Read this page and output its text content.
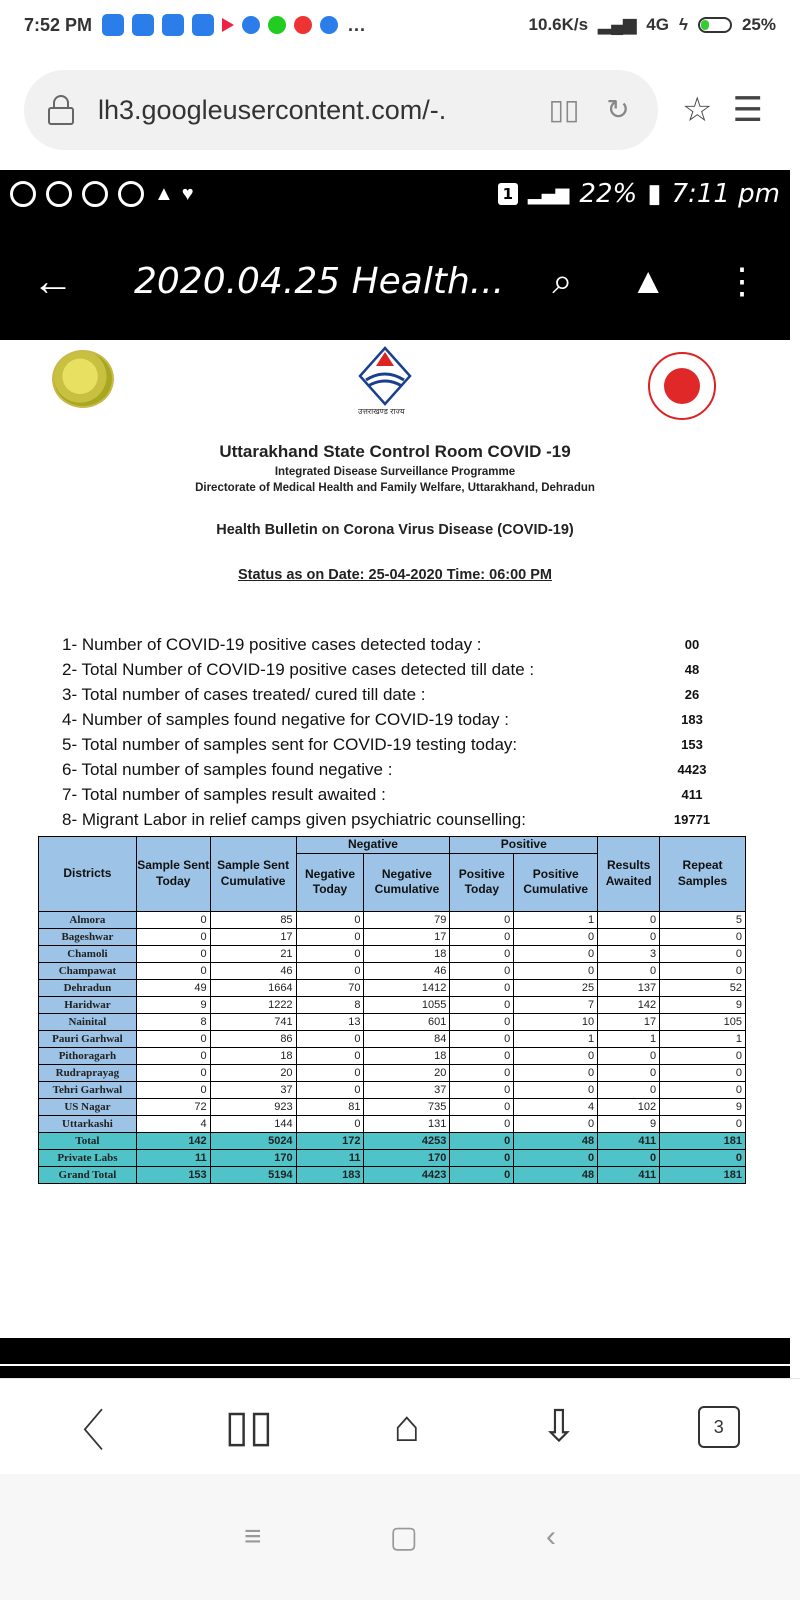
7:52 PM	...	10.6K/s ▂▄▆ 4G ϟ	25%
lh3.googleusercontent.com/-.	▯▯ ↻ ☆ ☰
▲ ♥	1 ▂▄▆ 22% ▮ 7:11 pm
←	2020.04.25 Health...	⌕ ▲ ⋮
उत्तराखण्ड राज्य
Uttarakhand State Control Room COVID -19
Integrated Disease Surveillance Programme
Directorate of Medical Health and Family Welfare, Uttarakhand, Dehradun
Health Bulletin on Corona Virus Disease (COVID-19)
Status as on Date: 25-04-2020 Time: 06:00 PM
1- Number of COVID-19 positive cases detected today :	00
2- Total Number of COVID-19 positive cases detected till date :	48
3- Total number of cases treated/ cured till date :	26
4- Number of samples found negative for COVID-19 today :	183
5- Total number of samples sent for COVID-19 testing today:	153
6- Total number of samples found negative :	4423
7- Total number of samples result awaited :	411
8- Migrant Labor in relief camps given psychiatric counselling:	19771
Districts	Sample Sent Today	Sample Sent Cumulative	Negative		Positive		Results Awaited	Repeat Samples
			Negative Today	Negative Cumulative	Positive Today	Positive Cumulative		
Almora	0	85	0	79	0	1	0	5
Bageshwar	0	17	0	17	0	0	0	0
Chamoli	0	21	0	18	0	0	3	0
Champawat	0	46	0	46	0	0	0	0
Dehradun	49	1664	70	1412	0	25	137	52
Haridwar	9	1222	8	1055	0	7	142	9
Nainital	8	741	13	601	0	10	17	105
Pauri Garhwal	0	86	0	84	0	1	1	1
Pithoragarh	0	18	0	18	0	0	0	0
Rudraprayag	0	20	0	20	0	0	0	0
Tehri Garhwal	0	37	0	37	0	0	0	0
US Nagar	72	923	81	735	0	4	102	9
Uttarkashi	4	144	0	131	0	0	9	0
Total	142	5024	172	4253	0	48	411	181
Private Labs	11	170	11	170	0	0	0	0
Grand Total	153	5194	183	4423	0	48	411	181
〈	▯▯	⌂	⇩	3
≡	▢	‹
